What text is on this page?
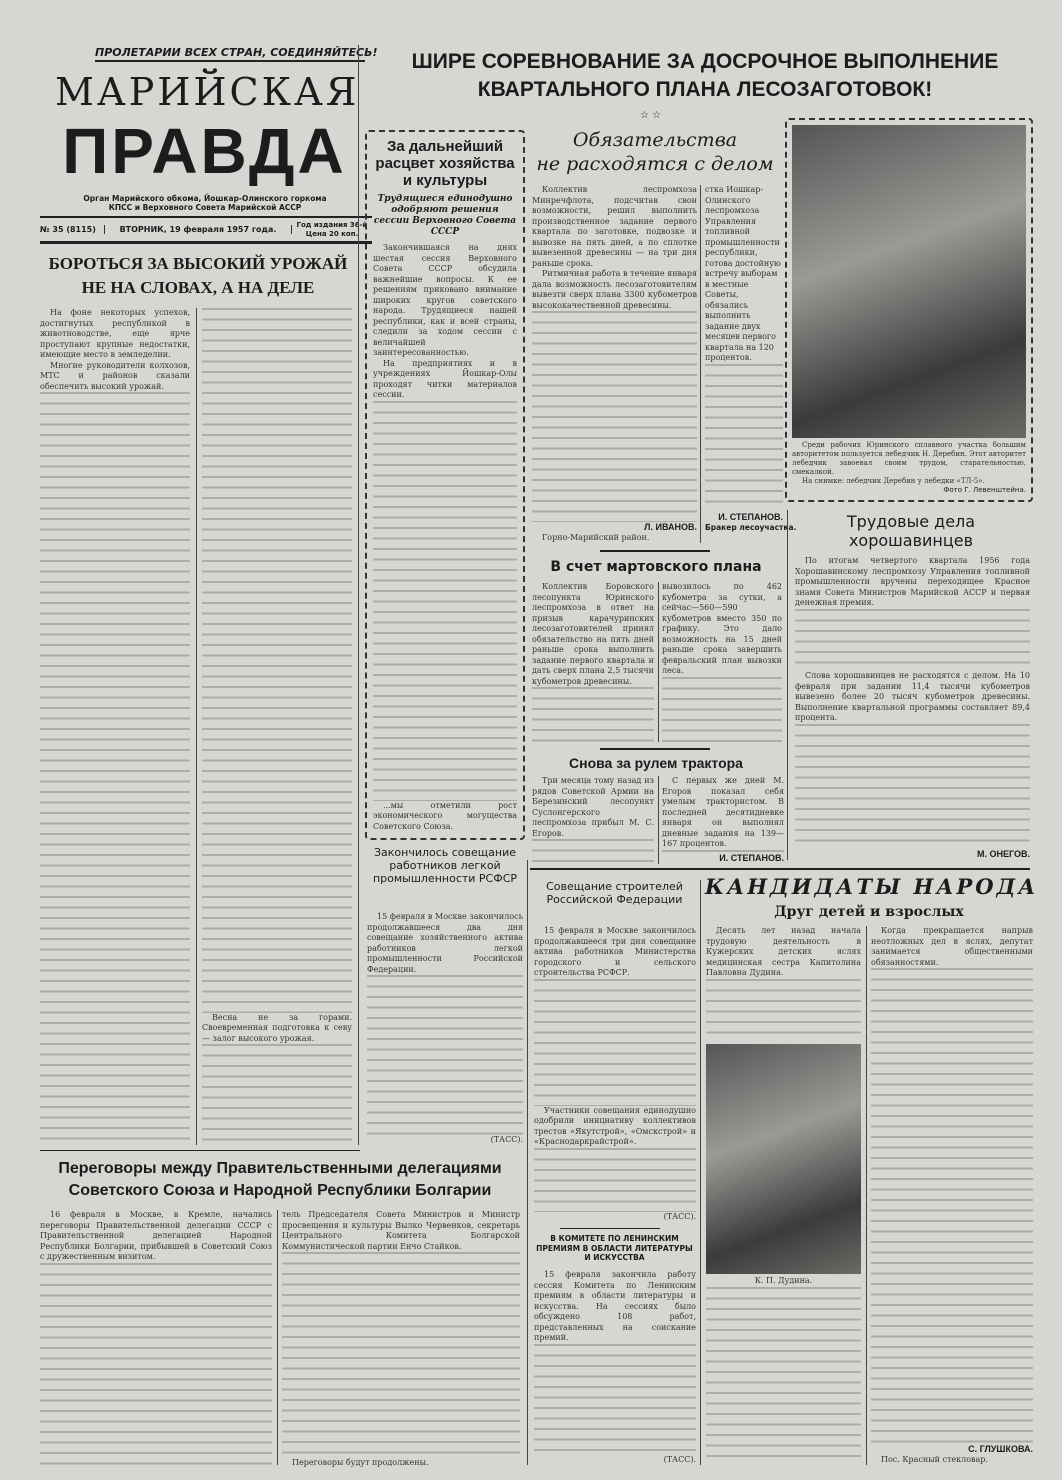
ПРОЛЕТАРИИ ВСЕХ СТРАН, СОЕДИНЯЙТЕСЬ!
МАРИЙСКАЯ
ПРАВДА
Орган Марийского обкома, Йошкар-Олинского горкома КПСС и Верховного Совета Марийской АССР
№ 35 (8115)	ВТОРНИК, 19 февраля 1957 года.
Год издания 36-й
Цена 20 коп.
ШИРЕ СОРЕВНОВАНИЕ ЗА ДОСРОЧНОЕ ВЫПОЛНЕНИЕ
КВАРТАЛЬНОГО ПЛАНА ЛЕСОЗАГОТОВОК!
☆ ☆
БОРОТЬСЯ ЗА ВЫСОКИЙ УРОЖАЙ
НЕ НА СЛОВАХ, А НА ДЕЛЕ

На фоне некоторых успехов, достигнутых республикой в животноводстве, еще ярче проступают крупные недостатки, имеющие место в земледелии.

Многие руководители колхозов, МТС и районов сказали обеспечить высокий урожай.

Весна не за горами. Своевременная подготовка к севу — залог высокого урожая.

За дальнейший расцвет хозяйства и культуры
Трудящиеся единодушно одобряют решения сессии Верховного Совета СССР

Закончившаяся на днях шестая сессия Верховного Совета СССР обсудила важнейшие вопросы. К ее решениям приковано внимание широких кругов советского народа. Трудящиеся нашей республики, как и всей страны, следили за ходом сессии с величайшей заинтересованностью.

На предприятиях и в учреждениях Йошкар-Олы проходят читки материалов сессии.

...мы отметили рост экономического могущества Советского Союза.

Обязательства
не расходятся с делом

Коллектив леспромхоза Минречфлота, подсчитав свои возможности, решил выполнить производственное задание первого квартала по заготовке, подвозке и вывозке на пять дней, а по сплотке вывезенной древесины — на три дня раньше срока.

Ритмичная работа в течение января дала возможность лесозаготовителям вывезти сверх плана 3300 кубометров высококачественной древесины.

Л. ИВАНОВ.
Горно-Марийский район.

стка Йошкар-Олинского леспромхоза Управления топливной промышленности республики, готова достойную встречу выборам в местные Советы, обязались выполнить задание двух месяцев первого квартала на 120 процентов.

И. СТЕПАНОВ.
Бракер лесоучастка.
Среди рабочих Юринского сплавного участка большим авторитетом пользуется лебедчик Н. Деребин. Этот авторитет лебедчик завоевал своим трудом, старательностью, смекалкой.
На снимке: лебедчик Деребин у лебедки «ТЛ-5».
Фото Г. Левенштейна.
Трудовые дела хорошавинцев

По итогам четвертого квартала 1956 года Хорошавинскому леспромхозу Управления топливной промышленности вручены переходящее Красное знамя Совета Министров Марийской АССР и первая денежная премия.

Слова хорошавинцев не расходятся с делом. На 10 февраля при задании 11,4 тысячи кубометров вывезено более 20 тысяч кубометров древесины. Выполнение квартальной программы составляет 89,4 процента.

М. ОНЕГОВ.
В счет мартовского плана

Коллектив Боровского лесопункта Юринского леспромхоза в ответ на призыв карачуринских лесозаготовителей принял обязательство на пять дней раньше срока выполнить задание первого квартала и дать сверх плана 2,5 тысячи кубометров древесины.

вывозилось по 462 кубометра за сутки, а сейчас—560—590 кубометров вместо 350 по графику. Это дало возможность на 15 дней раньше срока завершить февральский план вывозки леса.

Снова за рулем трактора

Три месяца тому назад из рядов Советской Армии на Березинский лесопункт Суслонгерского леспромхоза прибыл М. С. Егоров.

С первых же дней М. Егоров показал себя умелым трактористом. В последней десятидневке января он выполнял дневные задания на 139—167 процентов.

И. СТЕПАНОВ.
Закончилось совещание работников легкой промышленности РСФСР

15 февраля в Москве закончилось продолжавшееся два дня совещание хозяйственного актива работников легкой промышленности Российской Федерации.

(ТАСС).
Совещание строителей Российской Федерации

15 февраля в Москве закончилось продолжавшееся три дня совещание актива работников Министерства городского и сельского строительства РСФСР.

Участники совещания единодушно одобрили инициативу коллективов трестов «Якутстрой», «Омскстрой» и «Краснодаркрайстрой».

(ТАСС).
В КОМИТЕТЕ ПО ЛЕНИНСКИМ ПРЕМИЯМ В ОБЛАСТИ ЛИТЕРАТУРЫ И ИСКУССТВА

15 февраля закончила работу сессия Комитета по Ленинским премиям в области литературы и искусства. На сессиях было обсуждено 108 работ, представленных на соискание премий.

(ТАСС).
КАНДИДАТЫ НАРОДА
Друг детей и взрослых

Десять лет назад начала трудовую деятельность в Кужерских детских яслях медицинская сестра Капитолина Павловна Дудина.

К. П. Дудина.

Когда прекращается напрыв неотложных дел в яслях, депутат занимается общественными обязанностями.

С. ГЛУШКОВА.
Пос. Красный стекловар.
Переговоры между Правительственными делегациями
Советского Союза и Народной Республики Болгарии

16 февраля в Москве, в Кремле, начались переговоры Правительственной делегации СССР с Правительственной делегацией Народной Республики Болгарии, прибывшей в Советский Союз с дружественным визитом.

тель Председателя Совета Министров и Министр просвещения и культуры Вылко Червенков, секретарь Центрального Комитета Болгарской Коммунистической партии Енчо Стайков.

Переговоры будут продолжены.
